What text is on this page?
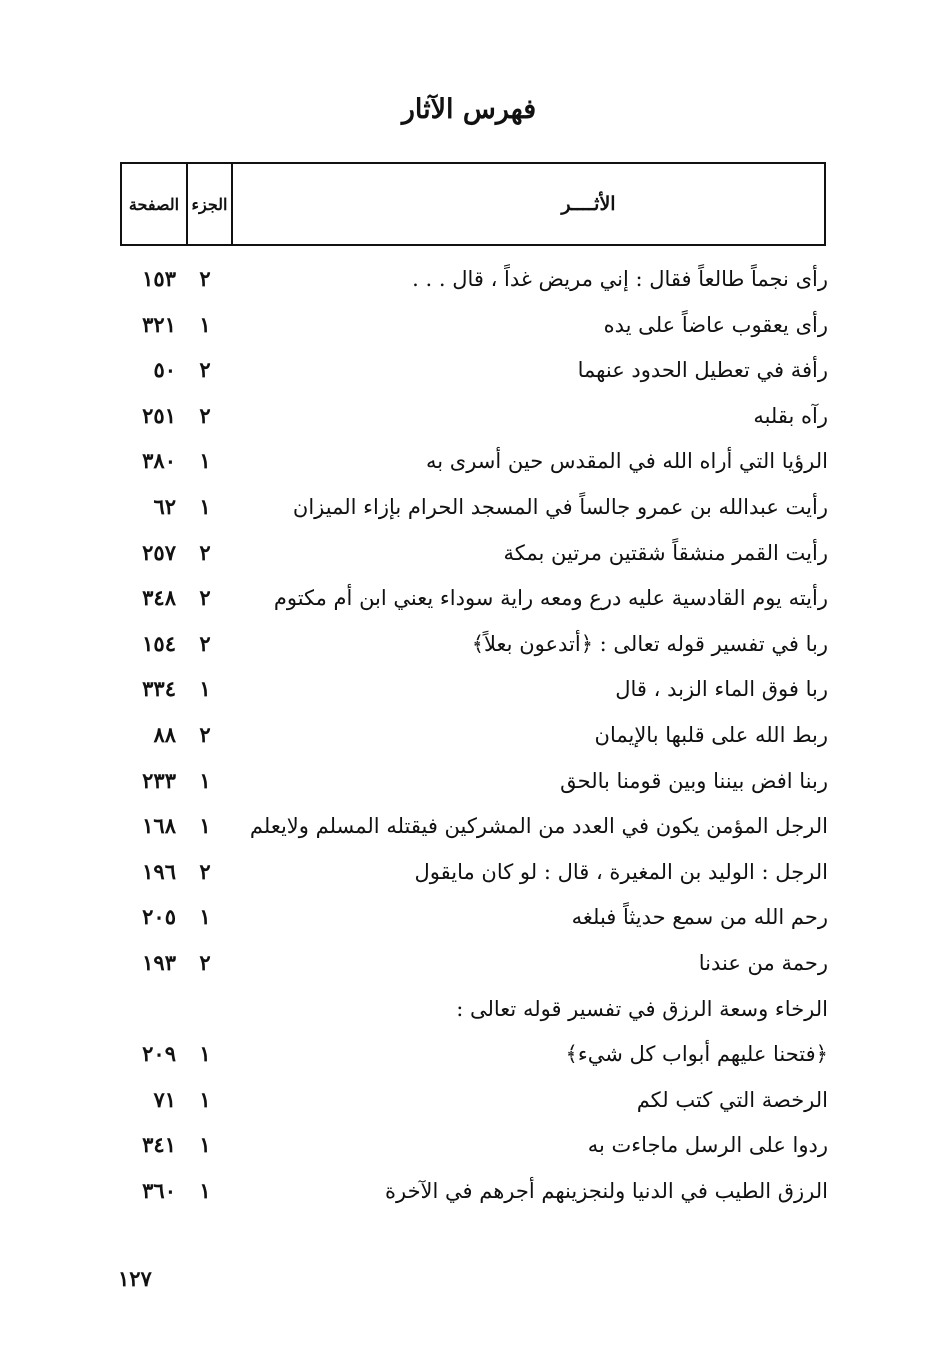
فهرس الآثار
الصفحة الجزء	الأثــــر
رأى نجماً طالعاً فقال : إني مريض غداً ، قال . . .
٢
١٥٣
رأى يعقوب عاضاً على يده
١
٣٢١
رأفة في تعطيل الحدود عنهما
٢
٥٠
رآه بقلبه
٢
٢٥١
الرؤيا التي أراه الله في المقدس حين أسرى به
١
٣٨٠
رأيت عبدالله بن عمرو جالساً في المسجد الحرام بإزاء الميزان
١
٦٢
رأيت القمر منشقاً شقتين مرتين بمكة
٢
٢٥٧
رأيته يوم القادسية عليه درع ومعه راية سوداء يعني ابن أم مكتوم
٢
٣٤٨
ربا في تفسير قوله تعالى : ﴿أتدعون بعلاً﴾
٢
١٥٤
ربا فوق الماء الزبد ، قال
١
٣٣٤
ربط الله على قلبها بالإيمان
٢
٨٨
ربنا افض بيننا وبين قومنا بالحق
١
٢٣٣
الرجل المؤمن يكون في العدد من المشركين فيقتله المسلم ولايعلم
١
١٦٨
الرجل : الوليد بن المغيرة ، قال : لو كان مايقول
٢
١٩٦
رحم الله من سمع حديثاً فبلغه
١
٢٠٥
رحمة من عندنا
٢
١٩٣
الرخاء وسعة الرزق في تفسير قوله تعالى :
﴿فتحنا عليهم أبواب كل شيء﴾
١
٢٠٩
الرخصة التي كتب لكم
١
٧١
ردوا على الرسل ماجاءت به
١
٣٤١
الرزق الطيب في الدنيا ولنجزينهم أجرهم في الآخرة
١
٣٦٠
١٢٧
